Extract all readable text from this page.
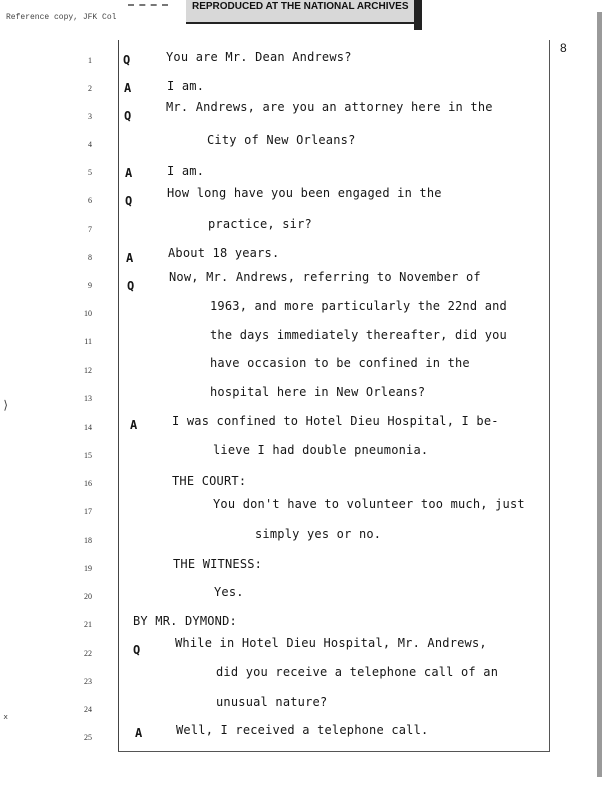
Reference copy, JFK Col
REPRODUCED AT THE NATIONAL ARCHIVES
8
⟩
ₓ
1	Q	You are Mr. Dean Andrews?
2	A	I am.
3	Q
Mr. Andrews, are you an attorney here in the
4	City of New Orleans?
5	A	I am.
6	Q
How long have you been engaged in the
7	practice, sir?
8	A	About 18 years.
9	Q
Now, Mr. Andrews, referring to November of
10
1963, and more particularly the 22nd and
11	the days immediately thereafter, did you
12
have occasion to be confined in the
13	hospital here in New Orleans?
14	A	I was confined to Hotel Dieu Hospital, I be-
15	lieve I had double pneumonia.
16	THE COURT:
17
You don't have to volunteer too much, just
18	simply yes or no.
19	THE WITNESS:
20	Yes.
21	BY MR. DYMOND:
22	Q	While in Hotel Dieu Hospital, Mr. Andrews,
23
did you receive a telephone call of an
24
unusual nature?
25	A	Well, I received a telephone call.
